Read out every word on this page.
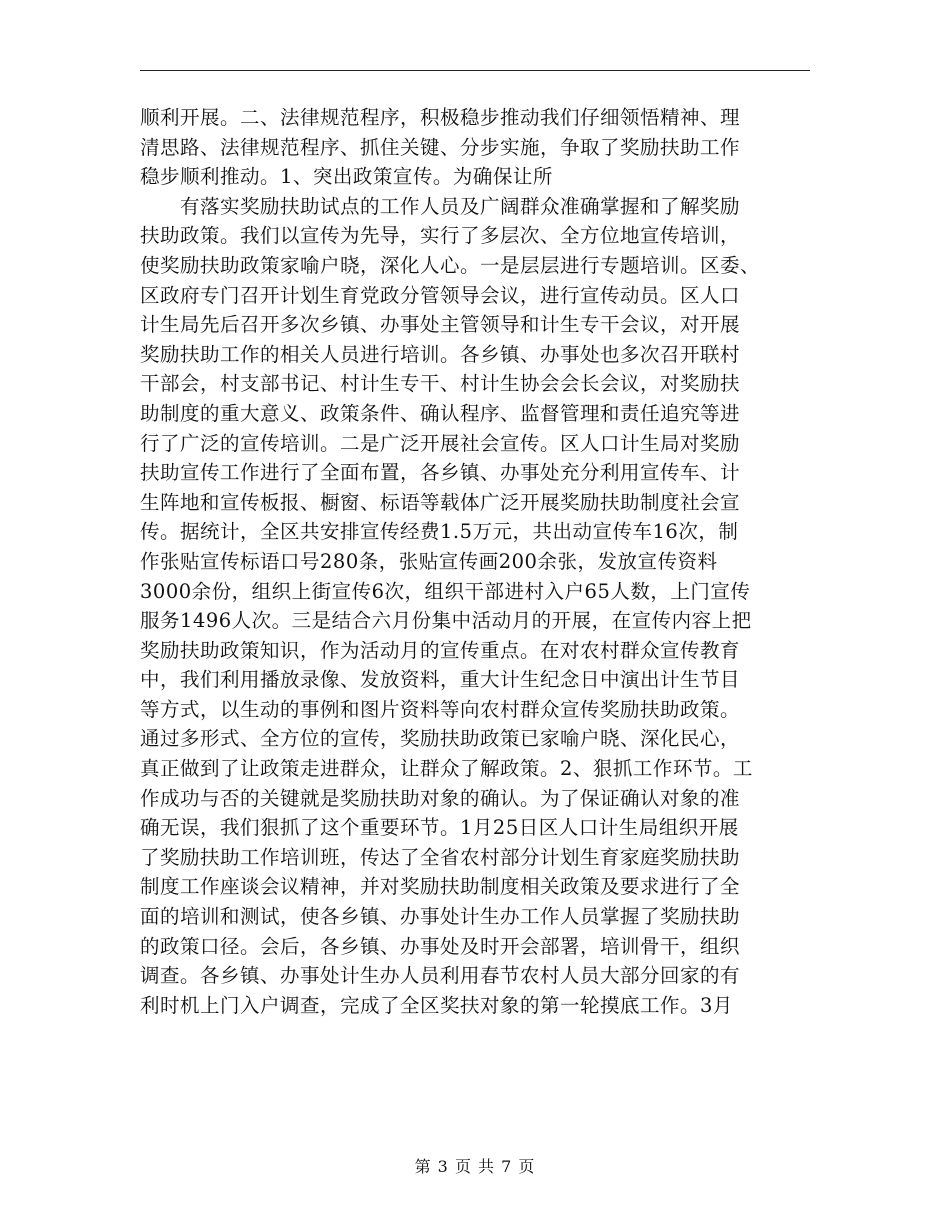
顺利开展。二、法律规范程序，积极稳步推动我们仔细领悟精神、理
清思路、法律规范程序、抓住关键、分步实施，争取了奖励扶助工作
稳步顺利推动。1、突出政策宣传。为确保让所
有落实奖励扶助试点的工作人员及广阔群众准确掌握和了解奖励
扶助政策。我们以宣传为先导，实行了多层次、全方位地宣传培训，
使奖励扶助政策家喻户晓，深化人心。一是层层进行专题培训。区委、
区政府专门召开计划生育党政分管领导会议，进行宣传动员。区人口
计生局先后召开多次乡镇、办事处主管领导和计生专干会议，对开展
奖励扶助工作的相关人员进行培训。各乡镇、办事处也多次召开联村
干部会，村支部书记、村计生专干、村计生协会会长会议，对奖励扶
助制度的重大意义、政策条件、确认程序、监督管理和责任追究等进
行了广泛的宣传培训。二是广泛开展社会宣传。区人口计生局对奖励
扶助宣传工作进行了全面布置，各乡镇、办事处充分利用宣传车、计
生阵地和宣传板报、橱窗、标语等载体广泛开展奖励扶助制度社会宣
传。据统计，全区共安排宣传经费1.5万元，共出动宣传车16次，制
作张贴宣传标语口号280条，张贴宣传画200余张，发放宣传资料
3000余份，组织上街宣传6次，组织干部进村入户65人数，上门宣传
服务1496人次。三是结合六月份集中活动月的开展，在宣传内容上把
奖励扶助政策知识，作为活动月的宣传重点。在对农村群众宣传教育
中，我们利用播放录像、发放资料，重大计生纪念日中演出计生节目
等方式，以生动的事例和图片资料等向农村群众宣传奖励扶助政策。
通过多形式、全方位的宣传，奖励扶助政策已家喻户晓、深化民心，
真正做到了让政策走进群众，让群众了解政策。2、狠抓工作环节。工
作成功与否的关键就是奖励扶助对象的确认。为了保证确认对象的准
确无误，我们狠抓了这个重要环节。1月25日区人口计生局组织开展
了奖励扶助工作培训班，传达了全省农村部分计划生育家庭奖励扶助
制度工作座谈会议精神，并对奖励扶助制度相关政策及要求进行了全
面的培训和测试，使各乡镇、办事处计生办工作人员掌握了奖励扶助
的政策口径。会后，各乡镇、办事处及时开会部署，培训骨干，组织
调查。各乡镇、办事处计生办人员利用春节农村人员大部分回家的有
利时机上门入户调查，完成了全区奖扶对象的第一轮摸底工作。3月
第 3 页 共 7 页
